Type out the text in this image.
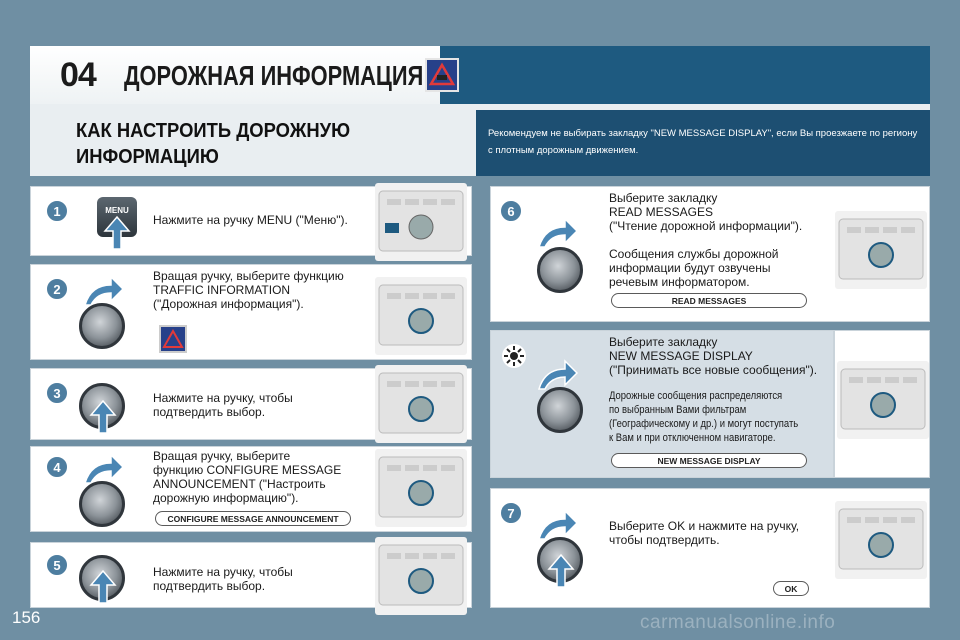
04 ДОРОЖНАЯ ИНФОРМАЦИЯ
КАК НАСТРОИТЬ ДОРОЖНУЮ
ИНФОРМАЦИЮ
Рекомендуем не выбирать закладку "NEW MESSAGE DISPLAY", если Вы проезжаете по региону
с плотным дорожным движением.
1	MENU
Нажмите на ручку MENU ("Меню").
2
Вращая ручку, выберите функцию
TRAFFIC INFORMATION
("Дорожная информация").
3	Нажмите на ручку, чтобы
подтвердить выбор.
4
Вращая ручку, выберите
функцию CONFIGURE MESSAGE
ANNOUNCEMENT ("Настроить
дорожную информацию").
CONFIGURE MESSAGE ANNOUNCEMENT
5	Нажмите на ручку, чтобы
подтвердить выбор.
6
Выберите закладку
READ MESSAGES
("Чтение дорожной информации").
Сообщения службы дорожной
информации будут озвучены
речевым информатором.
READ MESSAGES
Выберите закладку
NEW MESSAGE DISPLAY
("Принимать все новые сообщения").
Дорожные сообщения распределяются
по выбранным Вами фильтрам
(Географическому и др.) и могут поступать
к Вам и при отключенном навигаторе.
NEW MESSAGE DISPLAY
7
Выберите OK и нажмите на ручку,
чтобы подтвердить.
OK
156	carmanualsonline.info
